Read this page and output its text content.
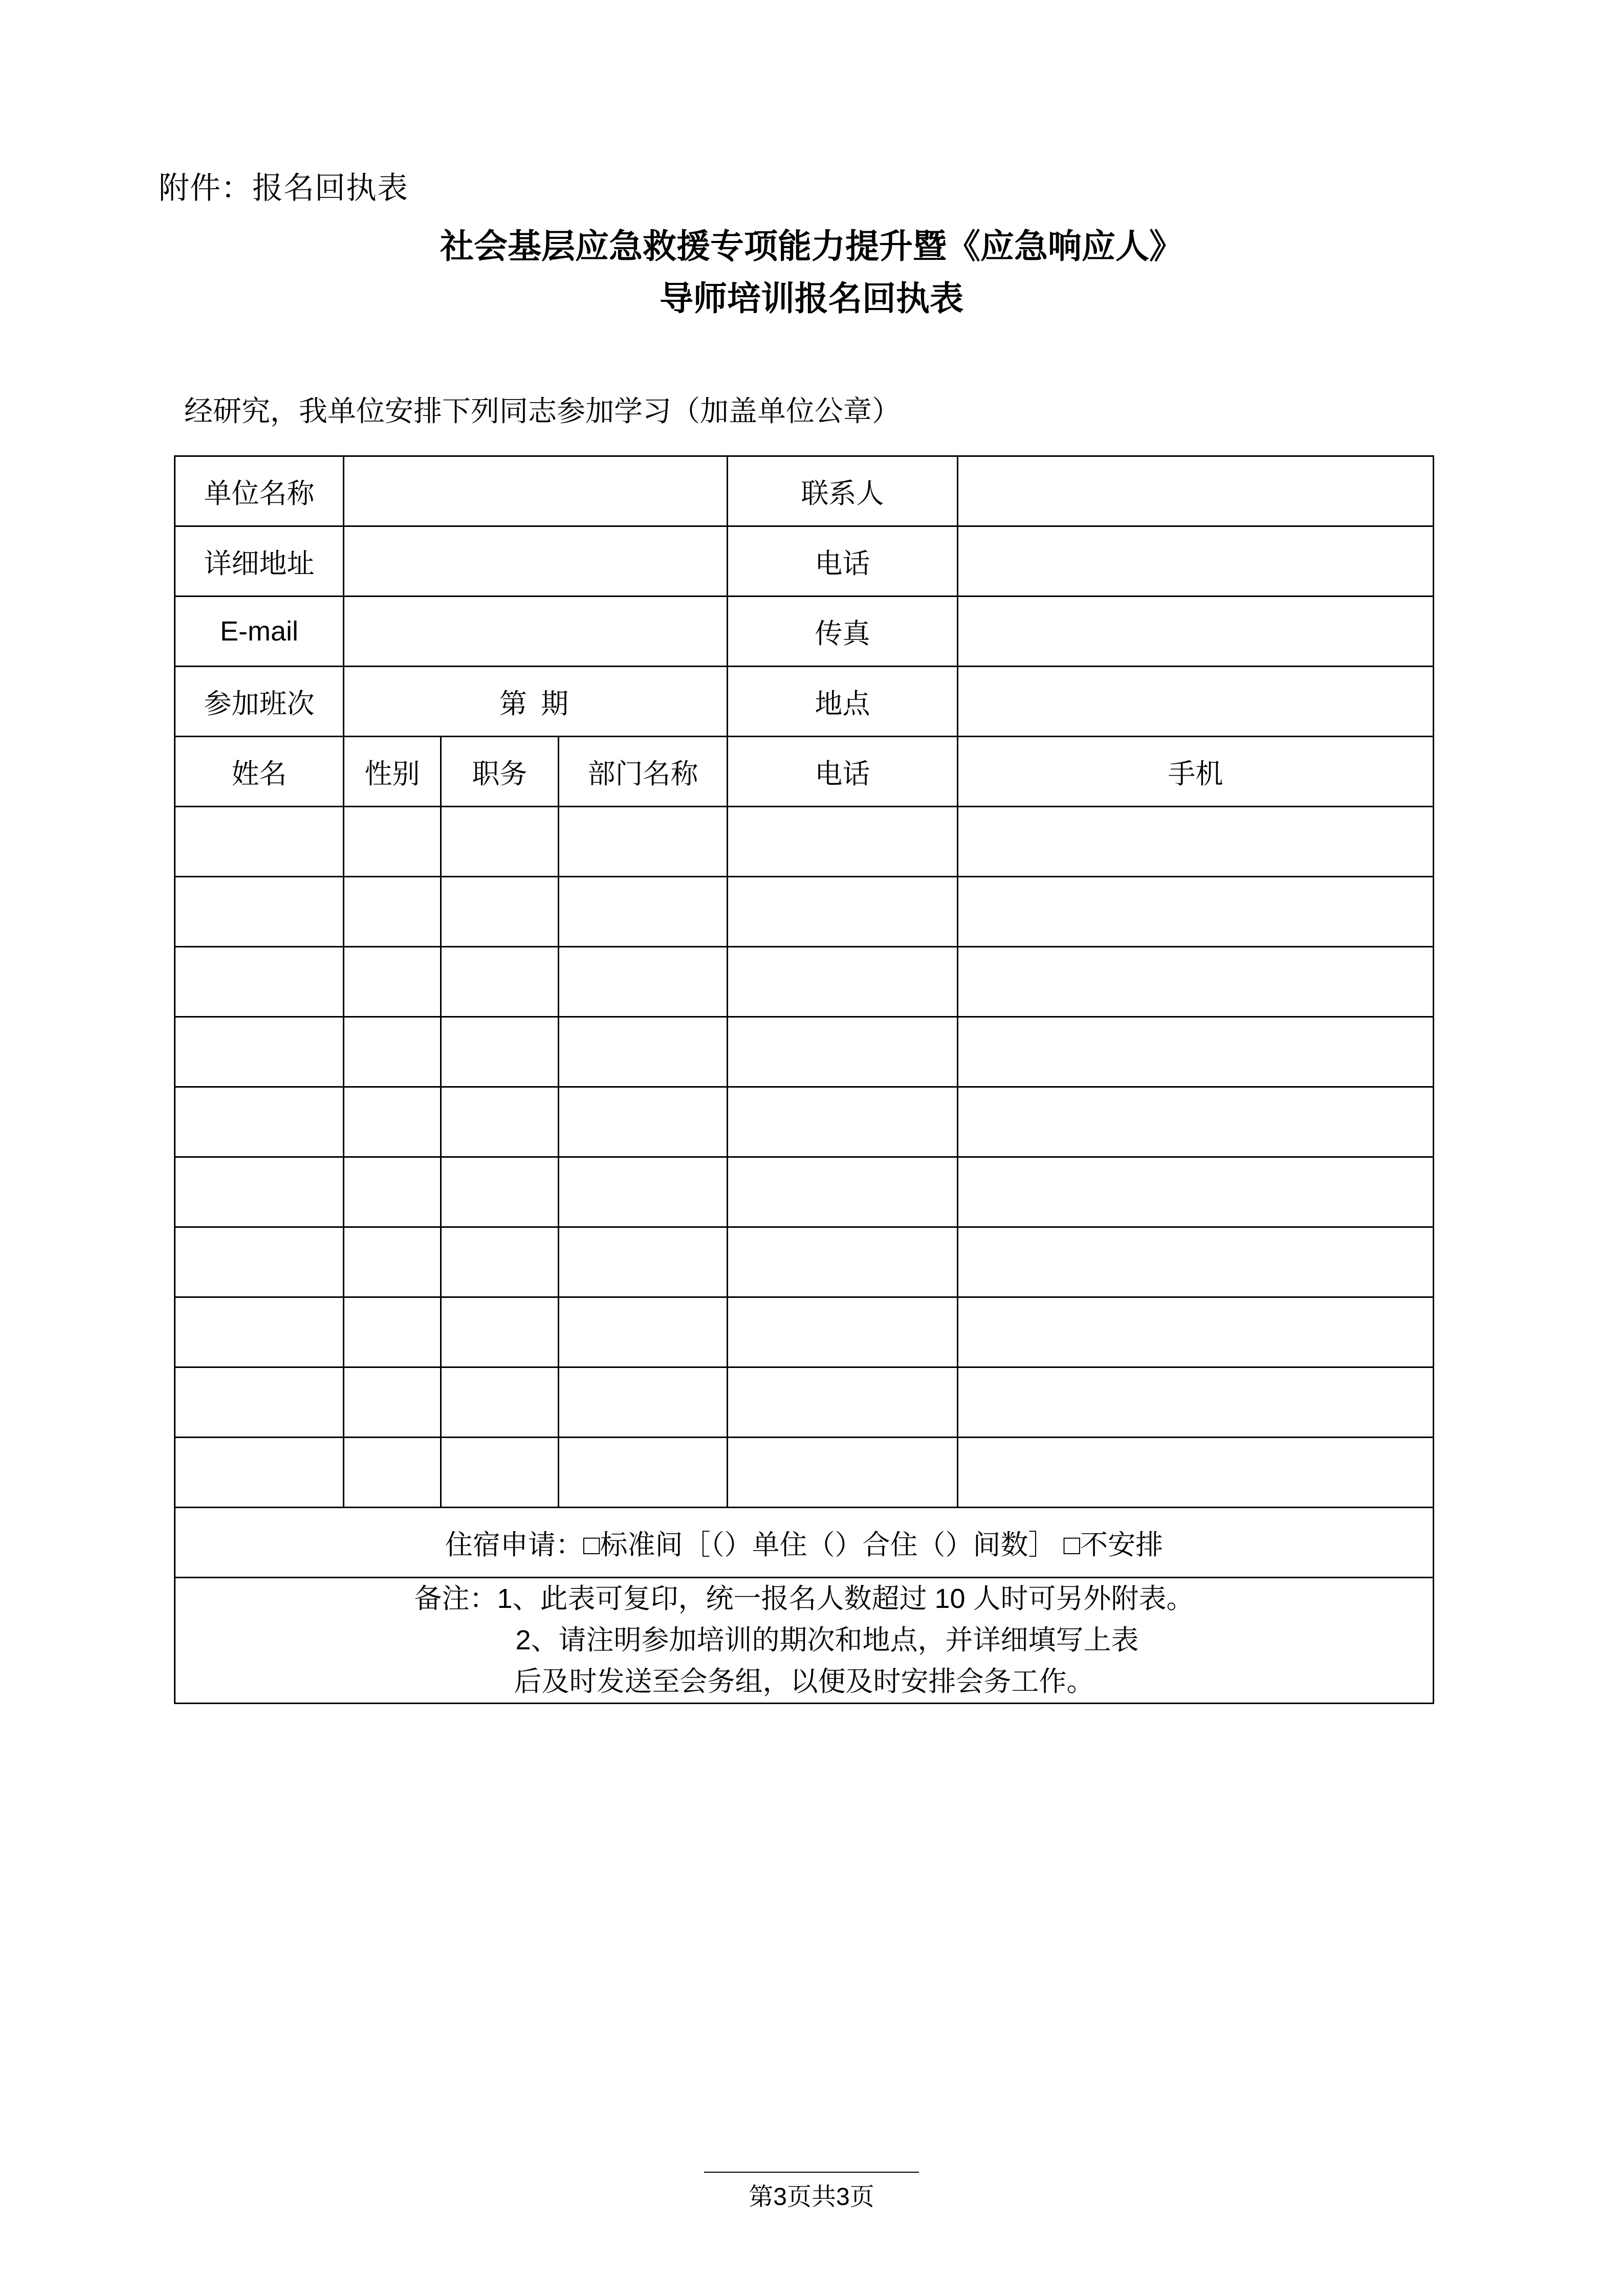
附件：报名回执表
社会基层应急救援专项能力提升暨《应急响应人》
导师培训报名回执表
经研究，我单位安排下列同志参加学习（加盖单位公章）
单位名称				联系人	
详细地址				电话	
E-mail				传真	
参加班次	第 期			地点	
姓名	性别	职务	部门名称	电话	手机

住宿申请：□标准间［（）单住（）合住（）间数］ □不安排					
备注：1、此表可复印，统一报名人数超过 10 人时可另外附表。
2、请注明参加培训的期次和地点，并详细填写上表
后及时发送至会务组，以便及时安排会务工作。					
第3页共3页
